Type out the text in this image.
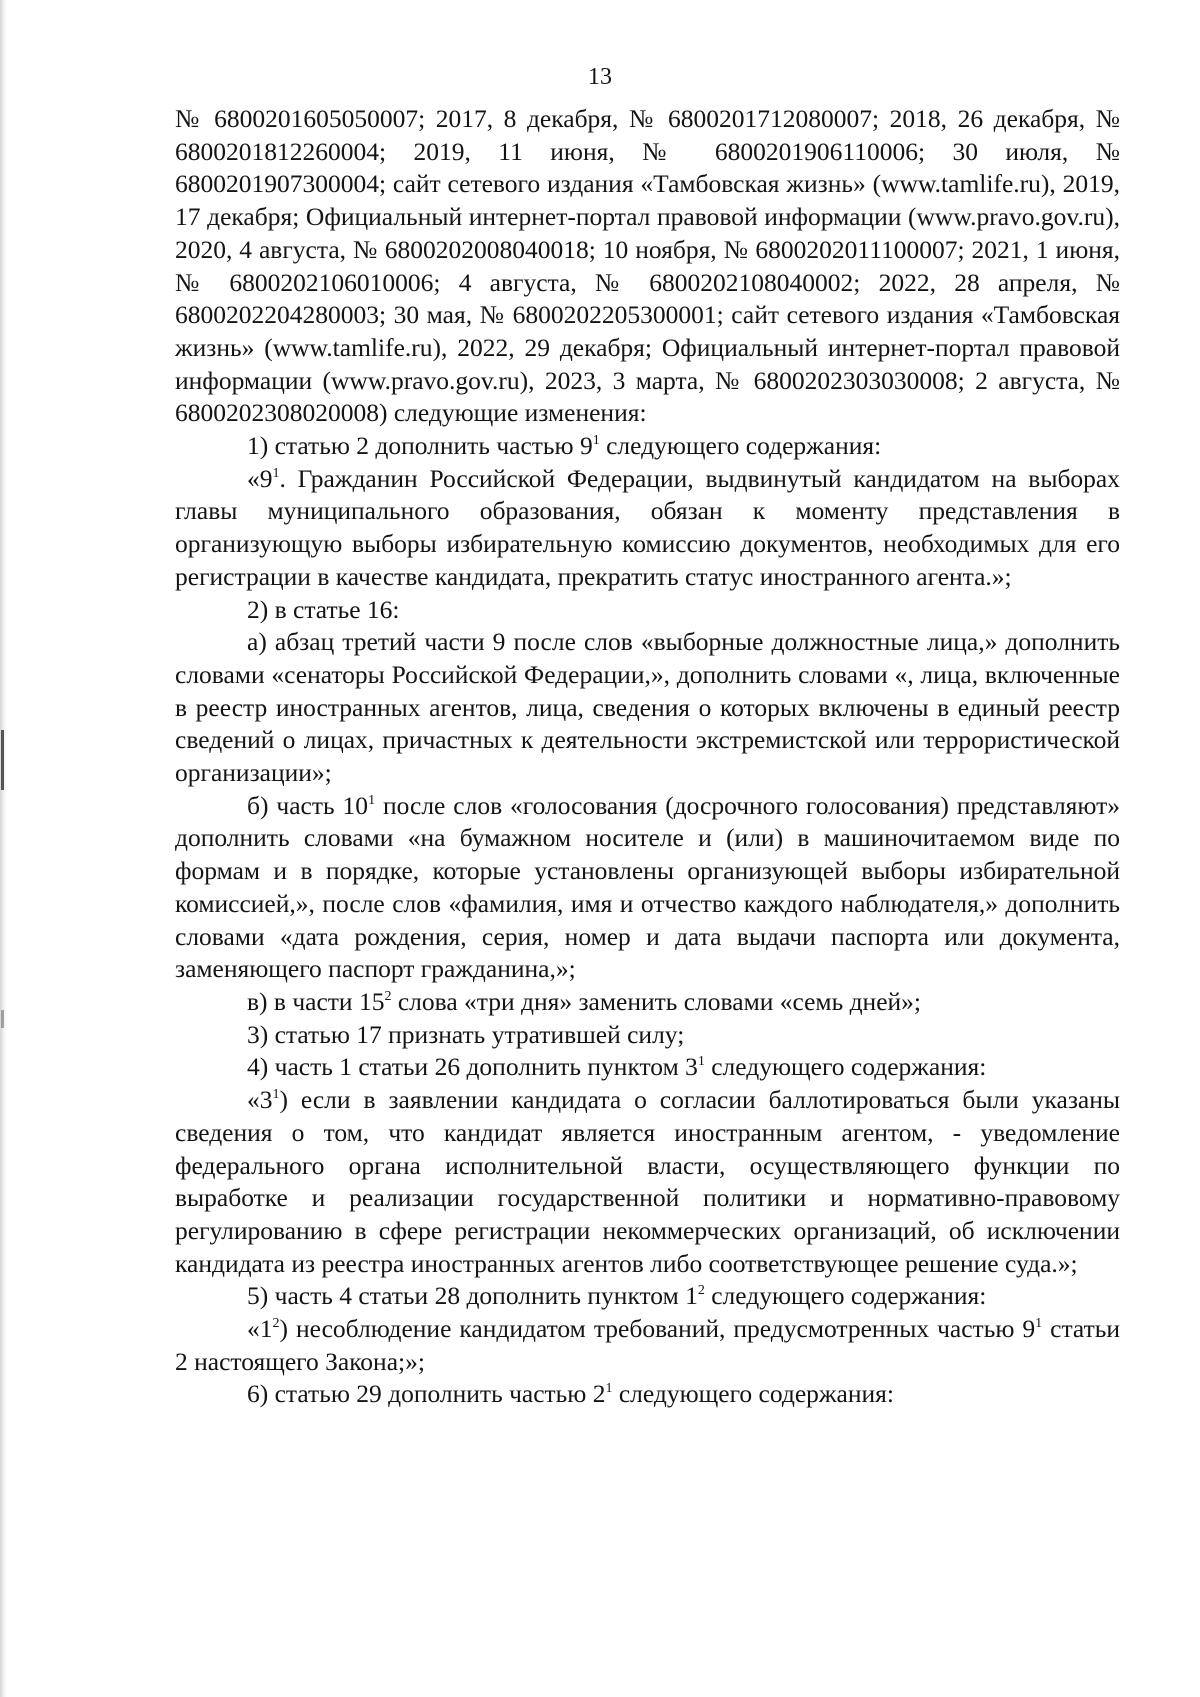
13

№ 6800201605050007; 2017, 8 декабря, № 6800201712080007; 2018, 26 декабря, № 6800201812260004; 2019, 11 июня, № 6800201906110006; 30 июля, № 6800201907300004; сайт сетевого издания «Тамбовская жизнь» (www.tamlife.ru), 2019, 17 декабря; Официальный интернет-портал правовой информации (www.pravo.gov.ru), 2020, 4 августа, № 6800202008040018; 10 ноября, № 6800202011100007; 2021, 1 июня, № 6800202106010006; 4 августа, № 6800202108040002; 2022, 28 апреля, № 6800202204280003; 30 мая, № 6800202205300001; сайт сетевого издания «Тамбовская жизнь» (www.tamlife.ru), 2022, 29 декабря; Официальный интернет-портал правовой информации (www.pravo.gov.ru), 2023, 3 марта, № 6800202303030008; 2 августа, № 6800202308020008) следующие изменения:

1) статью 2 дополнить частью $9^1$ следующего содержания:

«$9^1$. Гражданин Российской Федерации, выдвинутый кандидатом на выборах главы муниципального образования, обязан к моменту представления в организующую выборы избирательную комиссию документов, необходимых для его регистрации в качестве кандидата, прекратить статус иностранного агента.»;

2) в статье 16:

а) абзац третий части 9 после слов «выборные должностные лица,» дополнить словами «сенаторы Российской Федерации,», дополнить словами «, лица, включенные в реестр иностранных агентов, лица, сведения о которых включены в единый реестр сведений о лицах, причастных к деятельности экстремистской или террористической организации»;

б) часть $10^1$ после слов «голосования (досрочного голосования) представляют» дополнить словами «на бумажном носителе и (или) в машиночитаемом виде по формам и в порядке, которые установлены организующей выборы избирательной комиссией,», после слов «фамилия, имя и отчество каждого наблюдателя,» дополнить словами «дата рождения, серия, номер и дата выдачи паспорта или документа, заменяющего паспорт гражданина,»;

в) в части $15^2$ слова «три дня» заменить словами «семь дней»;

3) статью 17 признать утратившей силу;

4) часть 1 статьи 26 дополнить пунктом $3^1$ следующего содержания:

«$3^1$) если в заявлении кандидата о согласии баллотироваться были указаны сведения о том, что кандидат является иностранным агентом, - уведомление федерального органа исполнительной власти, осуществляющего функции по выработке и реализации государственной политики и нормативно-правовому регулированию в сфере регистрации некоммерческих организаций, об исключении кандидата из реестра иностранных агентов либо соответствующее решение суда.»;

5) часть 4 статьи 28 дополнить пунктом $1^2$ следующего содержания:

«$1^2$) несоблюдение кандидатом требований, предусмотренных частью $9^1$ статьи 2 настоящего Закона;»;

6) статью 29 дополнить частью $2^1$ следующего содержания:
